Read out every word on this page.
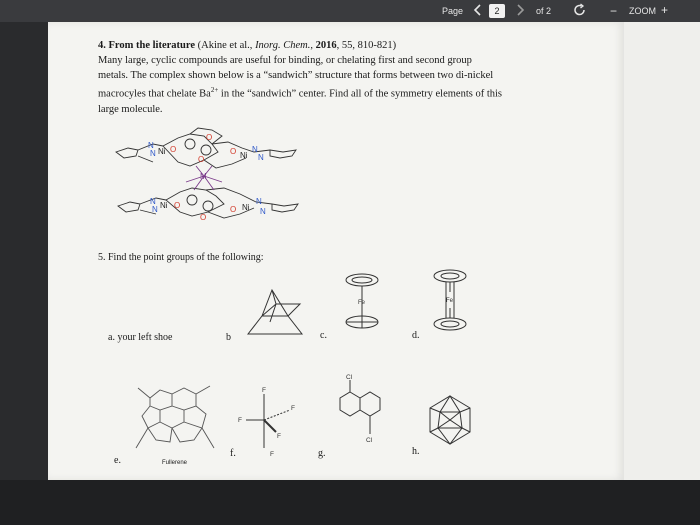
Page	2	of 2	− ZOOM +
4. From the literature (Akine et al., Inorg. Chem., 2016, 55, 810-821)
Many large, cyclic compounds are useful for binding, or chelating first and second group
metals. The complex shown below is a “sandwich” structure that forms between two di-nickel
macrocyles that chelate $Ba^{2+}$ in the “sandwich” center. Find all of the symmetry elements of this
large molecule.
N
N Ni O
O
O
O Ni
N
N
M
N
N Ni O
O
O Ni
N
N
5. Find the point groups of the following:
a. your left shoe	b	c.	d.
e.
f.	g.	h.
Fe	Fe
Fullerene
F
F
F
F
F
Cl
Cl
